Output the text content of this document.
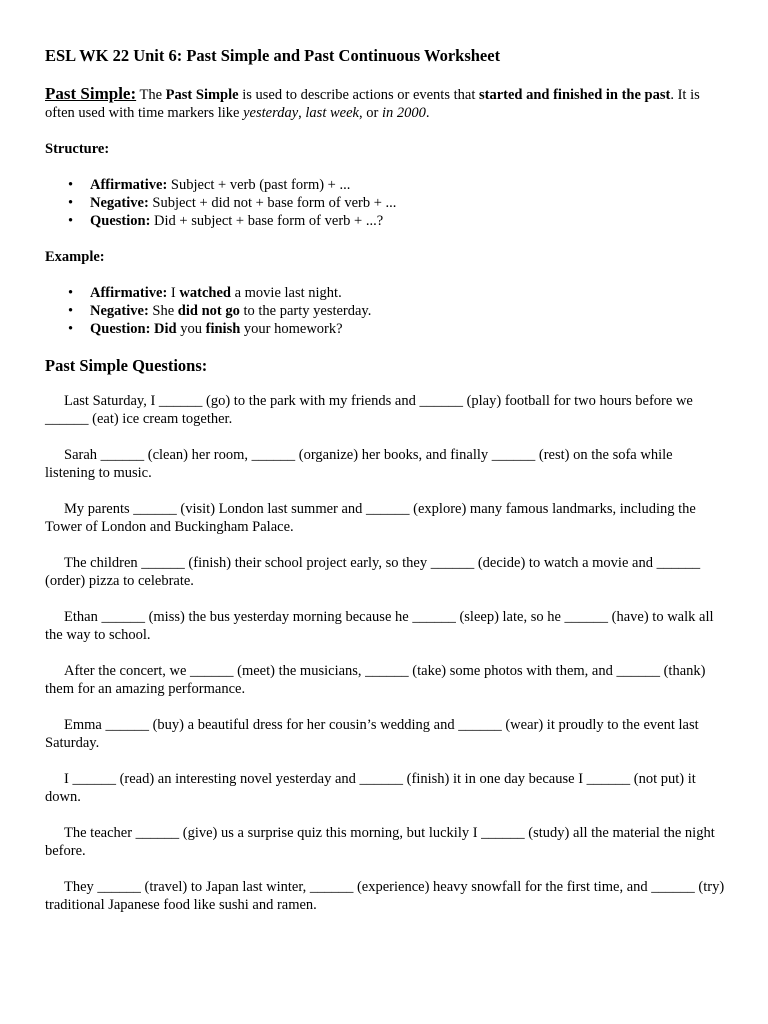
ESL WK 22 Unit 6: Past Simple and Past Continuous Worksheet

Past Simple: The Past Simple is used to describe actions or events that started and finished in the past. It is often used with time markers like yesterday, last week, or in 2000.

Structure:

• Affirmative: Subject + verb (past form) + ...
• Negative: Subject + did not + base form of verb + ...
• Question: Did + subject + base form of verb + ...?

Example:

• Affirmative: I watched a movie last night.
• Negative: She did not go to the party yesterday.
• Question: Did you finish your homework?
Past Simple Questions:

Last Saturday, I ______ (go) to the park with my friends and ______ (play) football for two hours before we ______ (eat) ice cream together.

Sarah ______ (clean) her room, ______ (organize) her books, and finally ______ (rest) on the sofa while listening to music.

My parents ______ (visit) London last summer and ______ (explore) many famous landmarks, including the Tower of London and Buckingham Palace.

The children ______ (finish) their school project early, so they ______ (decide) to watch a movie and ______ (order) pizza to celebrate.

Ethan ______ (miss) the bus yesterday morning because he ______ (sleep) late, so he ______ (have) to walk all the way to school.

After the concert, we ______ (meet) the musicians, ______ (take) some photos with them, and ______ (thank) them for an amazing performance.

Emma ______ (buy) a beautiful dress for her cousin’s wedding and ______ (wear) it proudly to the event last Saturday.

I ______ (read) an interesting novel yesterday and ______ (finish) it in one day because I ______ (not put) it down.

The teacher ______ (give) us a surprise quiz this morning, but luckily I ______ (study) all the material the night before.

They ______ (travel) to Japan last winter, ______ (experience) heavy snowfall for the first time, and ______ (try) traditional Japanese food like sushi and ramen.
